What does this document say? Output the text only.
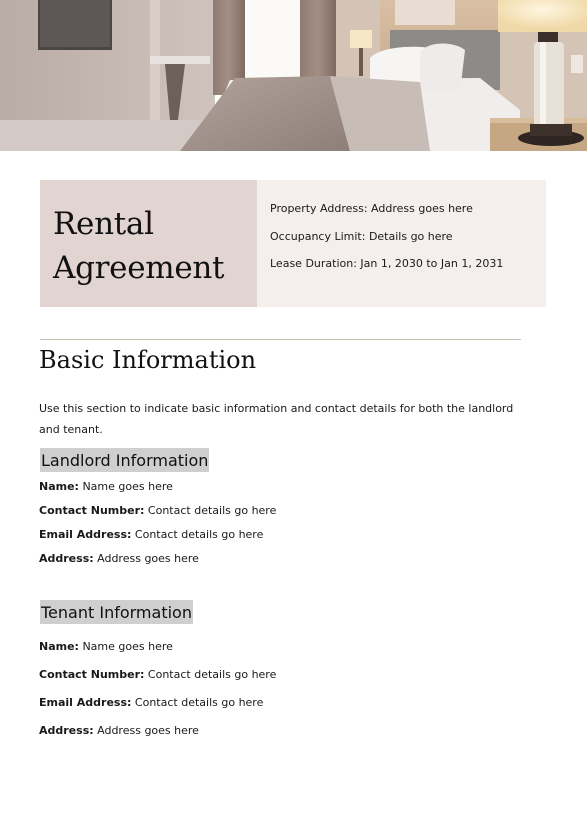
Rental
Agreement
Property Address: Address goes here
Occupancy Limit: Details go here
Lease Duration: Jan 1, 2030 to Jan 1, 2031
Basic Information

Use this section to indicate basic information and contact details for both the landlord and tenant.

Landlord Information

Name: Name goes here

Contact Number: Contact details go here

Email Address: Contact details go here

Address: Address goes here

Tenant Information

Name: Name goes here

Contact Number: Contact details go here

Email Address: Contact details go here

Address: Address goes here
